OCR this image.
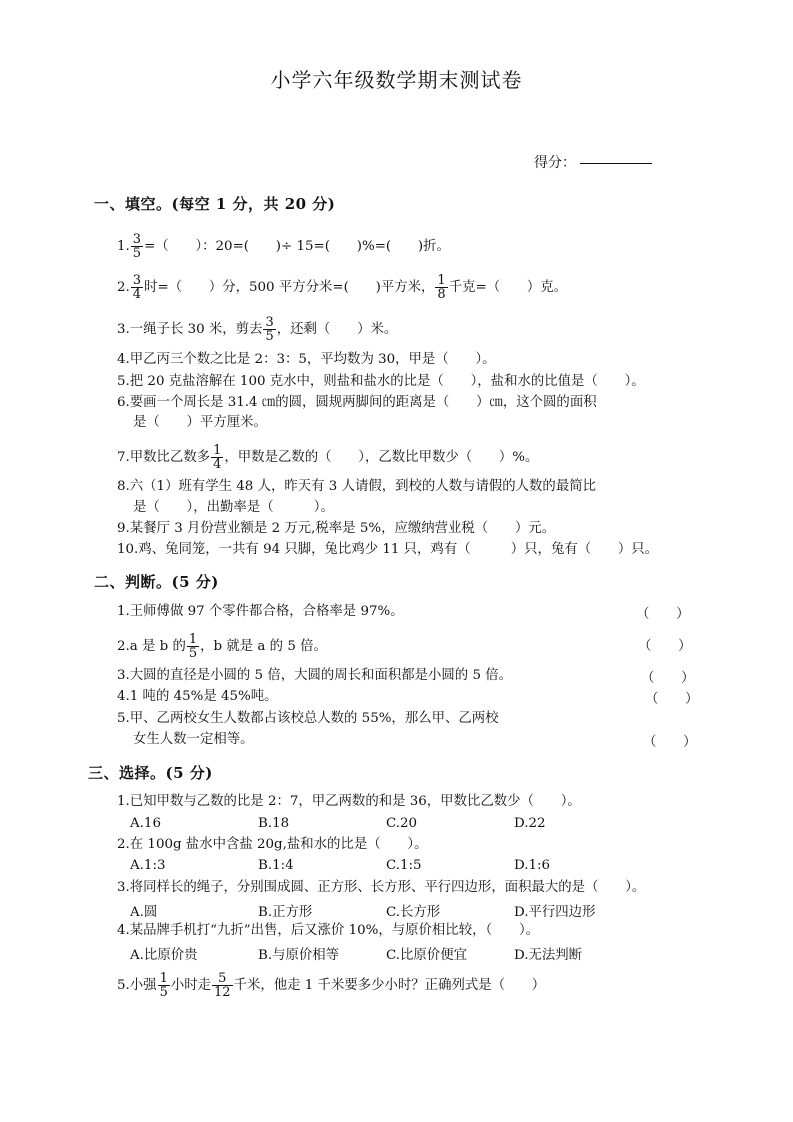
小学六年级数学期末测试卷
得分：
一、填空。(每空 1 分，共 20 分)
1. $\frac{3}{5}$ =（　　）：20=(　　)÷ 15=(　　)%=(　　)折。
2. $\frac{3}{4}$ 时=（　　）分，500 平方分米=(　　)平方米， $\frac{1}{8}$ 千克=（　　）克。
3.一绳子长 30 米，剪去 $\frac{3}{5}$ ，还剩（　　）米。
4.甲乙丙三个数之比是 2：3：5，平均数为 30，甲是（　　）。
5.把 20 克盐溶解在 100 克水中，则盐和盐水的比是（　　），盐和水的比值是（　　）。
6.要画一个周长是 31.4 ㎝的圆，圆规两脚间的距离是（　　）㎝，这个圆的面积
是（　　）平方厘米。
7.甲数比乙数多 $\frac{1}{4}$ ，甲数是乙数的（　　），乙数比甲数少（　　）%。
8.六（1）班有学生 48 人，昨天有 3 人请假，到校的人数与请假的人数的最简比
是（　　），出勤率是（　　　）。
9.某餐厅 3 月份营业额是 2 万元,税率是 5%，应缴纳营业税（　　）元。
10.鸡、兔同笼，一共有 94 只脚，兔比鸡少 11 只，鸡有（　　　）只，兔有（　　）只。
二、判断。(5 分)
1.王师傅做 97 个零件都合格，合格率是 97%。	（　　）
2.a 是 b 的 $\frac{1}{5}$ ，b 就是 a 的 5 倍。	（　　）
3.大圆的直径是小圆的 5 倍，大圆的周长和面积都是小圆的 5 倍。	（　　）
4.1 吨的 45%是 45%吨。	（　　）
5.甲、乙两校女生人数都占该校总人数的 55%，那么甲、乙两校
女生人数一定相等。	（　　）
三、选择。(5 分)
1.已知甲数与乙数的比是 2：7，甲乙两数的和是 36，甲数比乙数少（　　）。
A.16	B.18	C.20	D.22
2.在 100g 盐水中含盐 20g,盐和水的比是（　　）。
A.1:3	B.1:4	C.1:5	D.1:6
3.将同样长的绳子，分别围成圆、正方形、长方形、平行四边形，面积最大的是（　　）。
A.圆	B.正方形	C.长方形	D.平行四边形
4.某品牌手机打“九折”出售，后又涨价 10%，与原价相比较，（　　）。
A.比原价贵	B.与原价相等	C.比原价便宜	D.无法判断
5.小强 $\frac{1}{5}$ 小时走 $\frac{5}{12}$ 千米，他走 1 千米要多少小时？正确列式是（　　）
